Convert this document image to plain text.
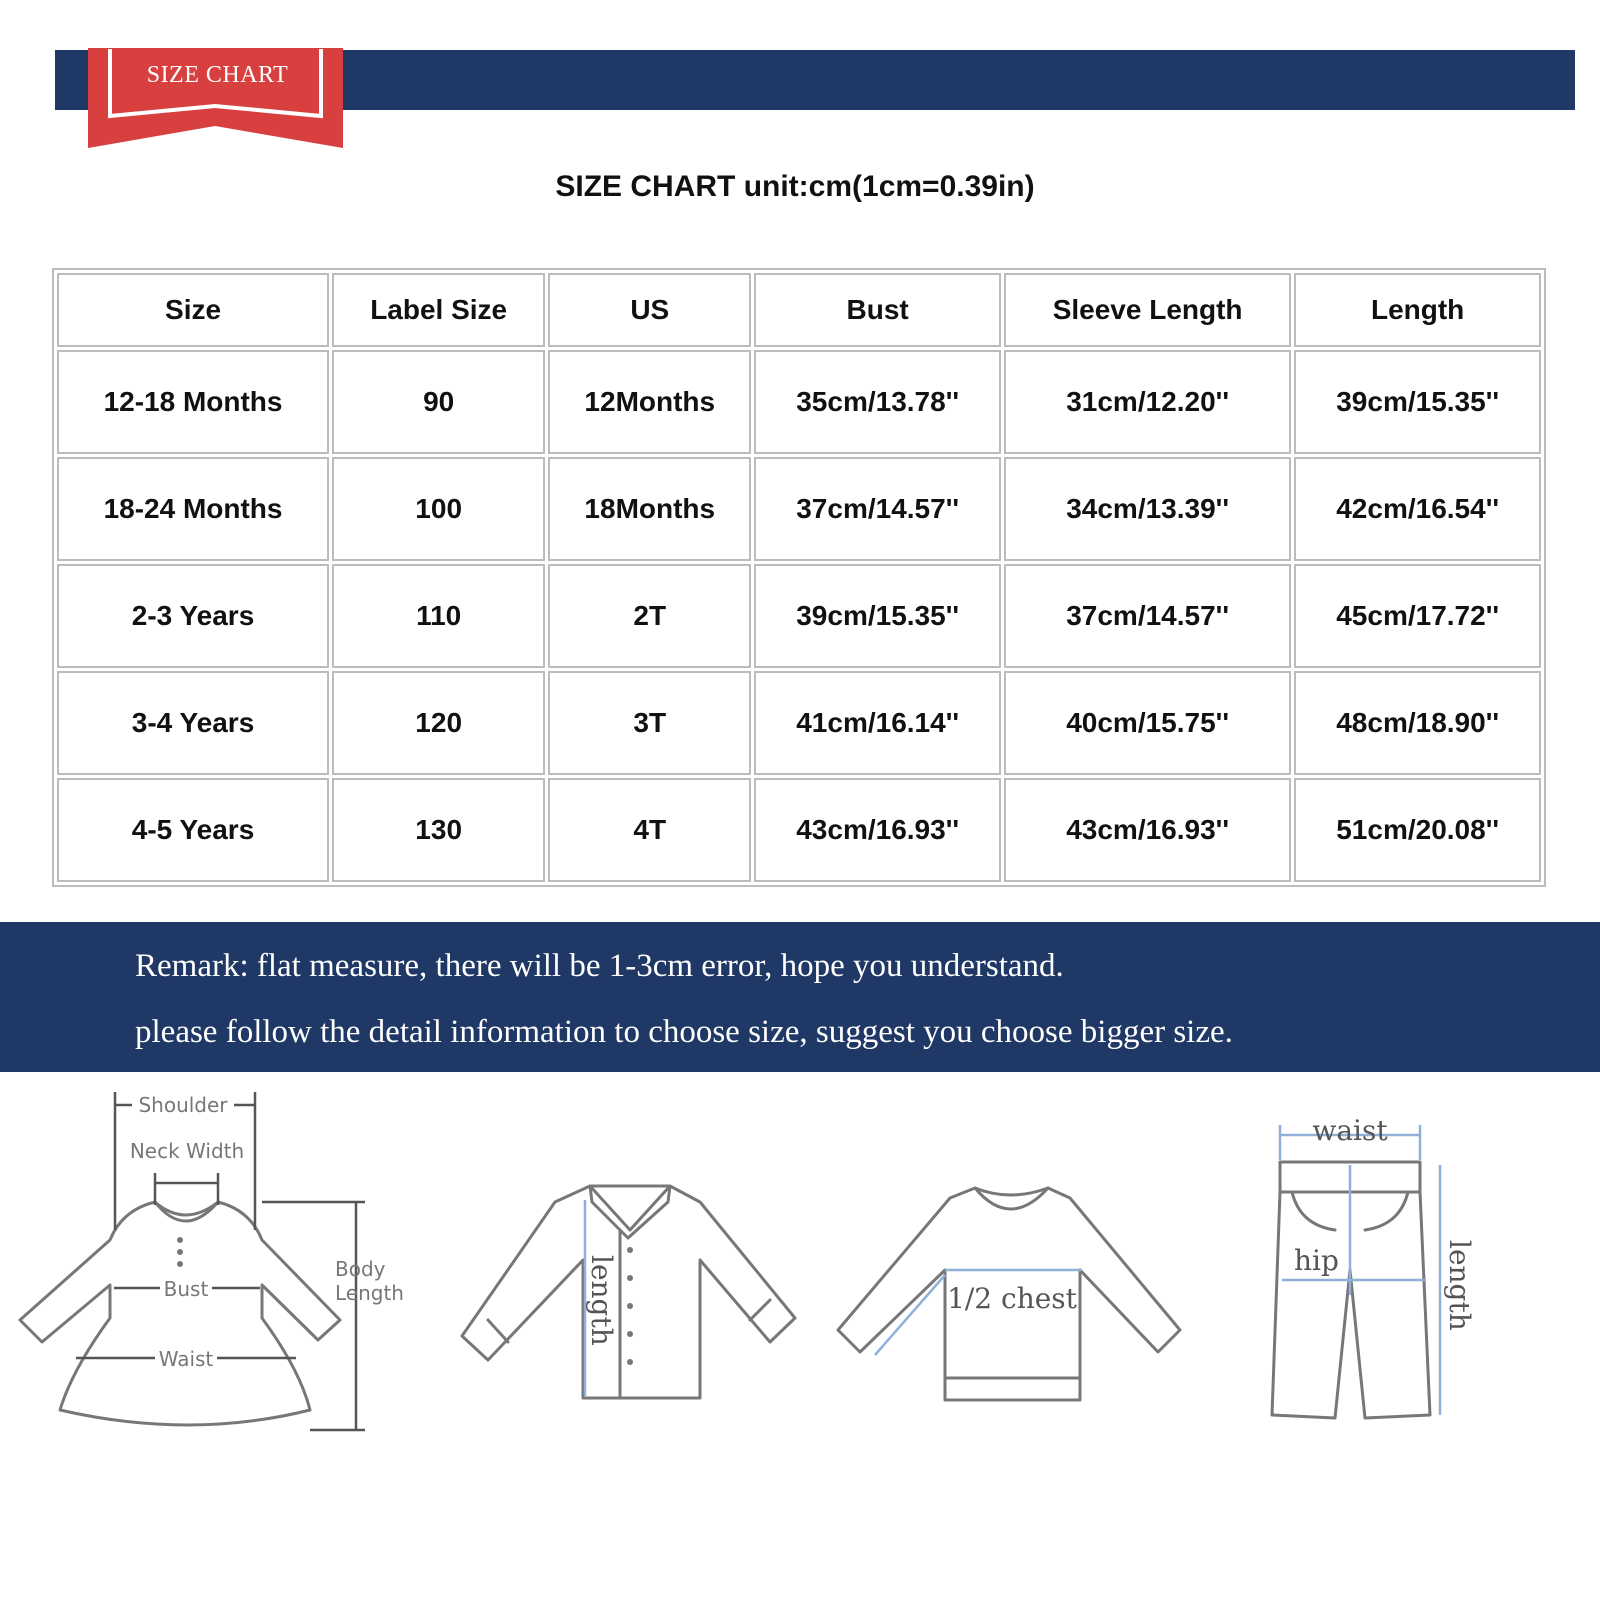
SIZE CHART
SIZE CHART unit:cm(1cm=0.39in)
Size	Label Size	US	Bust	Sleeve Length	Length
12-18 Months	90	12Months	35cm/13.78''	31cm/12.20''	39cm/15.35''
18-24 Months	100	18Months	37cm/14.57''	34cm/13.39''	42cm/16.54''
2-3 Years	110	2T	39cm/15.35''	37cm/14.57''	45cm/17.72''
3-4 Years	120	3T	41cm/16.14''	40cm/15.75''	48cm/18.90''
4-5 Years	130	4T	43cm/16.93''	43cm/16.93''	51cm/20.08''
Remark: flat measure, there will be 1-3cm error, hope you understand.
please follow the detail information to choose size, suggest you choose bigger size.
Shoulder
Neck Width
Bust
Waist
Body
Length	length	1/2 chest
waist
hip	length
